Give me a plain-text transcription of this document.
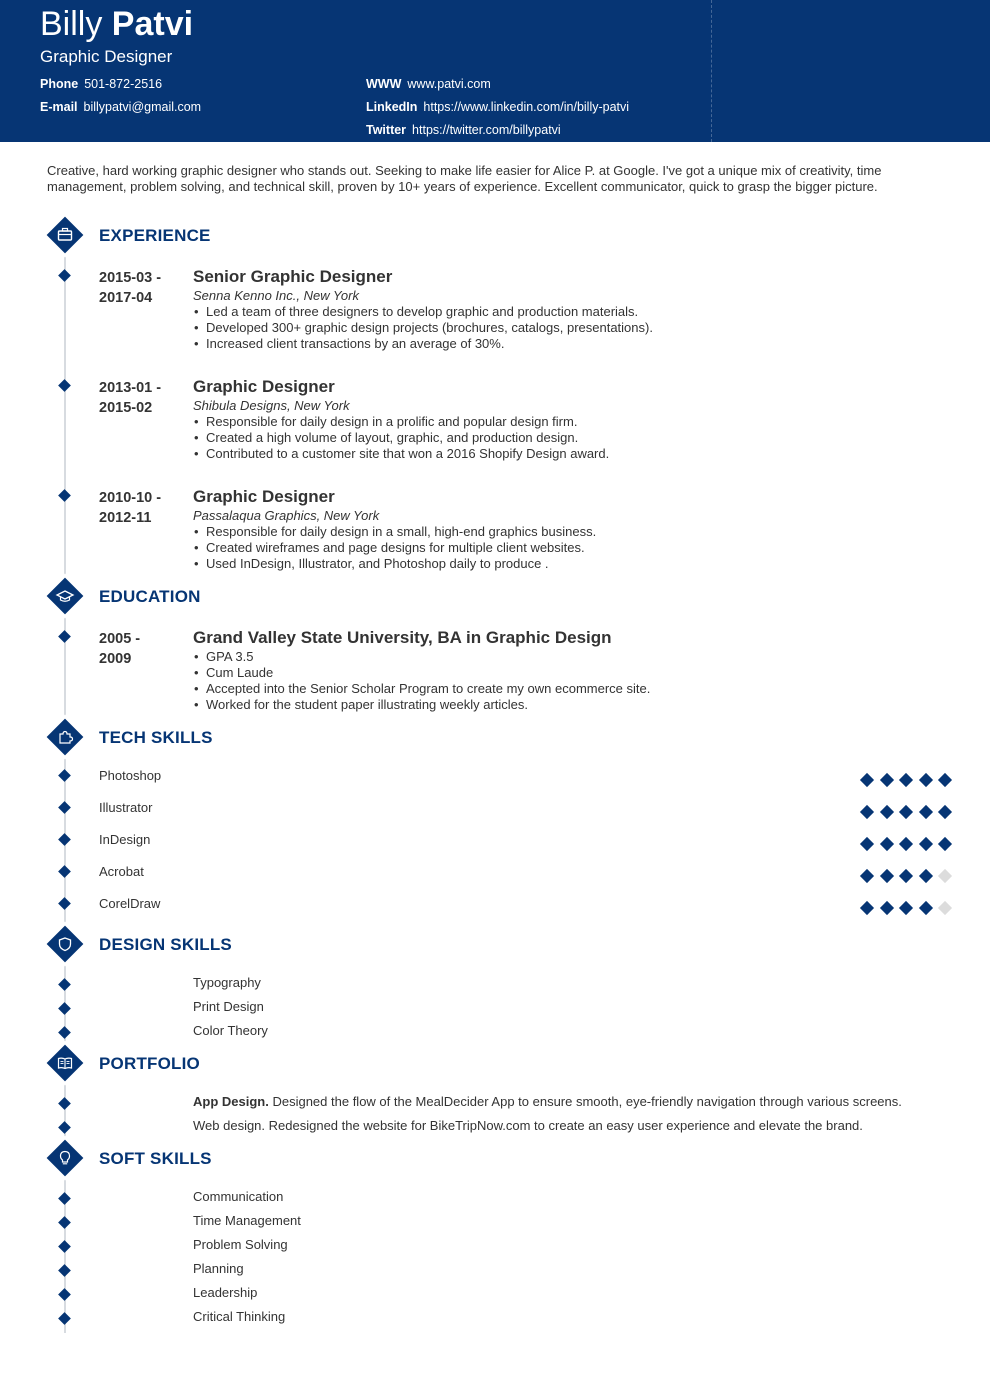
Billy Patvi
Graphic Designer
Phone 501-872-2516
E-mail billypatvi@gmail.com
WWW www.patvi.com
LinkedIn https://www.linkedin.com/in/billy-patvi
Twitter https://twitter.com/billypatvi
Creative, hard working graphic designer who stands out. Seeking to make life easier for Alice P. at Google. I've got a unique mix of creativity, time management, problem solving, and technical skill, proven by 10+ years of experience. Excellent communicator, quick to grasp the bigger picture.
EXPERIENCE
2015-03 -
2017-04
Senior Graphic Designer
Senna Kenno Inc., New York
• Led a team of three designers to develop graphic and production materials.
• Developed 300+ graphic design projects (brochures, catalogs, presentations).
• Increased client transactions by an average of 30%.
2013-01 -
2015-02
Graphic Designer
Shibula Designs, New York
• Responsible for daily design in a prolific and popular design firm.
• Created a high volume of layout, graphic, and production design.
• Contributed to a customer site that won a 2016 Shopify Design award.
2010-10 -
2012-11
Graphic Designer
Passalaqua Graphics, New York
• Responsible for daily design in a small, high-end graphics business.
• Created wireframes and page designs for multiple client websites.
• Used InDesign, Illustrator, and Photoshop daily to produce .
EDUCATION
2005 -
2009
Grand Valley State University, BA in Graphic Design
• GPA 3.5
• Cum Laude
• Accepted into the Senior Scholar Program to create my own ecommerce site.
• Worked for the student paper illustrating weekly articles.
TECH SKILLS
Photoshop
Illustrator
InDesign
Acrobat
CorelDraw
DESIGN SKILLS
Typography
Print Design
Color Theory
PORTFOLIO
App Design. Designed the flow of the MealDecider App to ensure smooth, eye-friendly navigation through various screens.
Web design. Redesigned the website for BikeTripNow.com to create an easy user experience and elevate the brand.
SOFT SKILLS
Communication
Time Management
Problem Solving
Planning
Leadership
Critical Thinking
